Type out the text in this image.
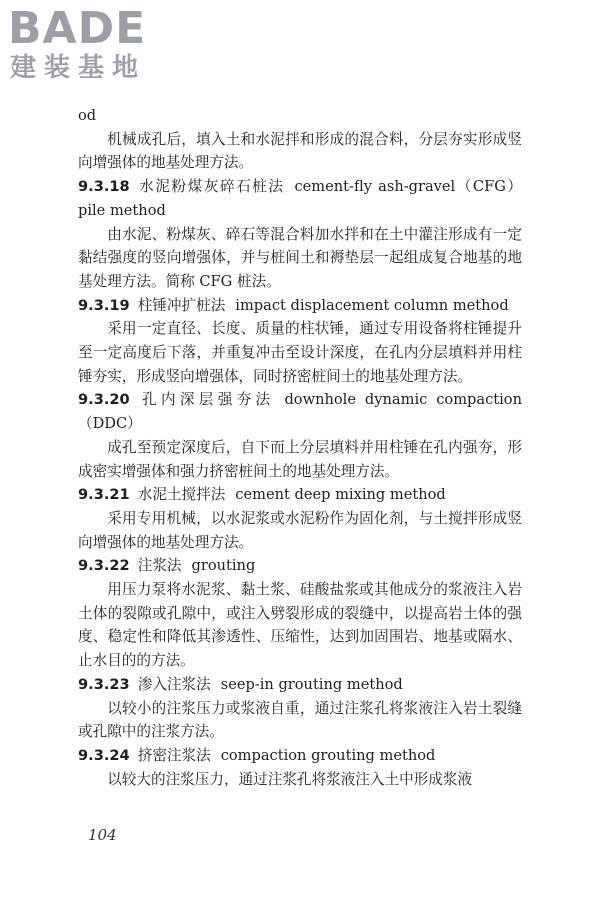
BADE
建装基地

od

机械成孔后，填入土和水泥拌和形成的混合料，分层夯实形成竖向增强体的地基处理方法。

9.3.18 水泥粉煤灰碎石桩法 cement-fly ash-gravel（CFG）pile method

由水泥、粉煤灰、碎石等混合料加水拌和在土中灌注形成有一定黏结强度的竖向增强体，并与桩间土和褥垫层一起组成复合地基的地基处理方法。简称 CFG 桩法。

9.3.19 柱锤冲扩桩法 impact displacement column method

采用一定直径、长度、质量的柱状锤，通过专用设备将柱锤提升至一定高度后下落，并重复冲击至设计深度，在孔内分层填料并用柱锤夯实，形成竖向增强体，同时挤密桩间土的地基处理方法。

9.3.20 孔内深层强夯法 downhole dynamic compaction（DDC）

成孔至预定深度后，自下而上分层填料并用柱锤在孔内强夯，形成密实增强体和强力挤密桩间土的地基处理方法。

9.3.21 水泥土搅拌法 cement deep mixing method

采用专用机械，以水泥浆或水泥粉作为固化剂，与土搅拌形成竖向增强体的地基处理方法。

9.3.22 注浆法 grouting

用压力泵将水泥浆、黏土浆、硅酸盐浆或其他成分的浆液注入岩土体的裂隙或孔隙中，或注入劈裂形成的裂缝中，以提高岩土体的强度、稳定性和降低其渗透性、压缩性，达到加固围岩、地基或隔水、止水目的的方法。

9.3.23 渗入注浆法 seep-in grouting method

以较小的注浆压力或浆液自重，通过注浆孔将浆液注入岩土裂缝或孔隙中的注浆方法。

9.3.24 挤密注浆法 compaction grouting method

以较大的注浆压力，通过注浆孔将浆液注入土中形成浆液

104
